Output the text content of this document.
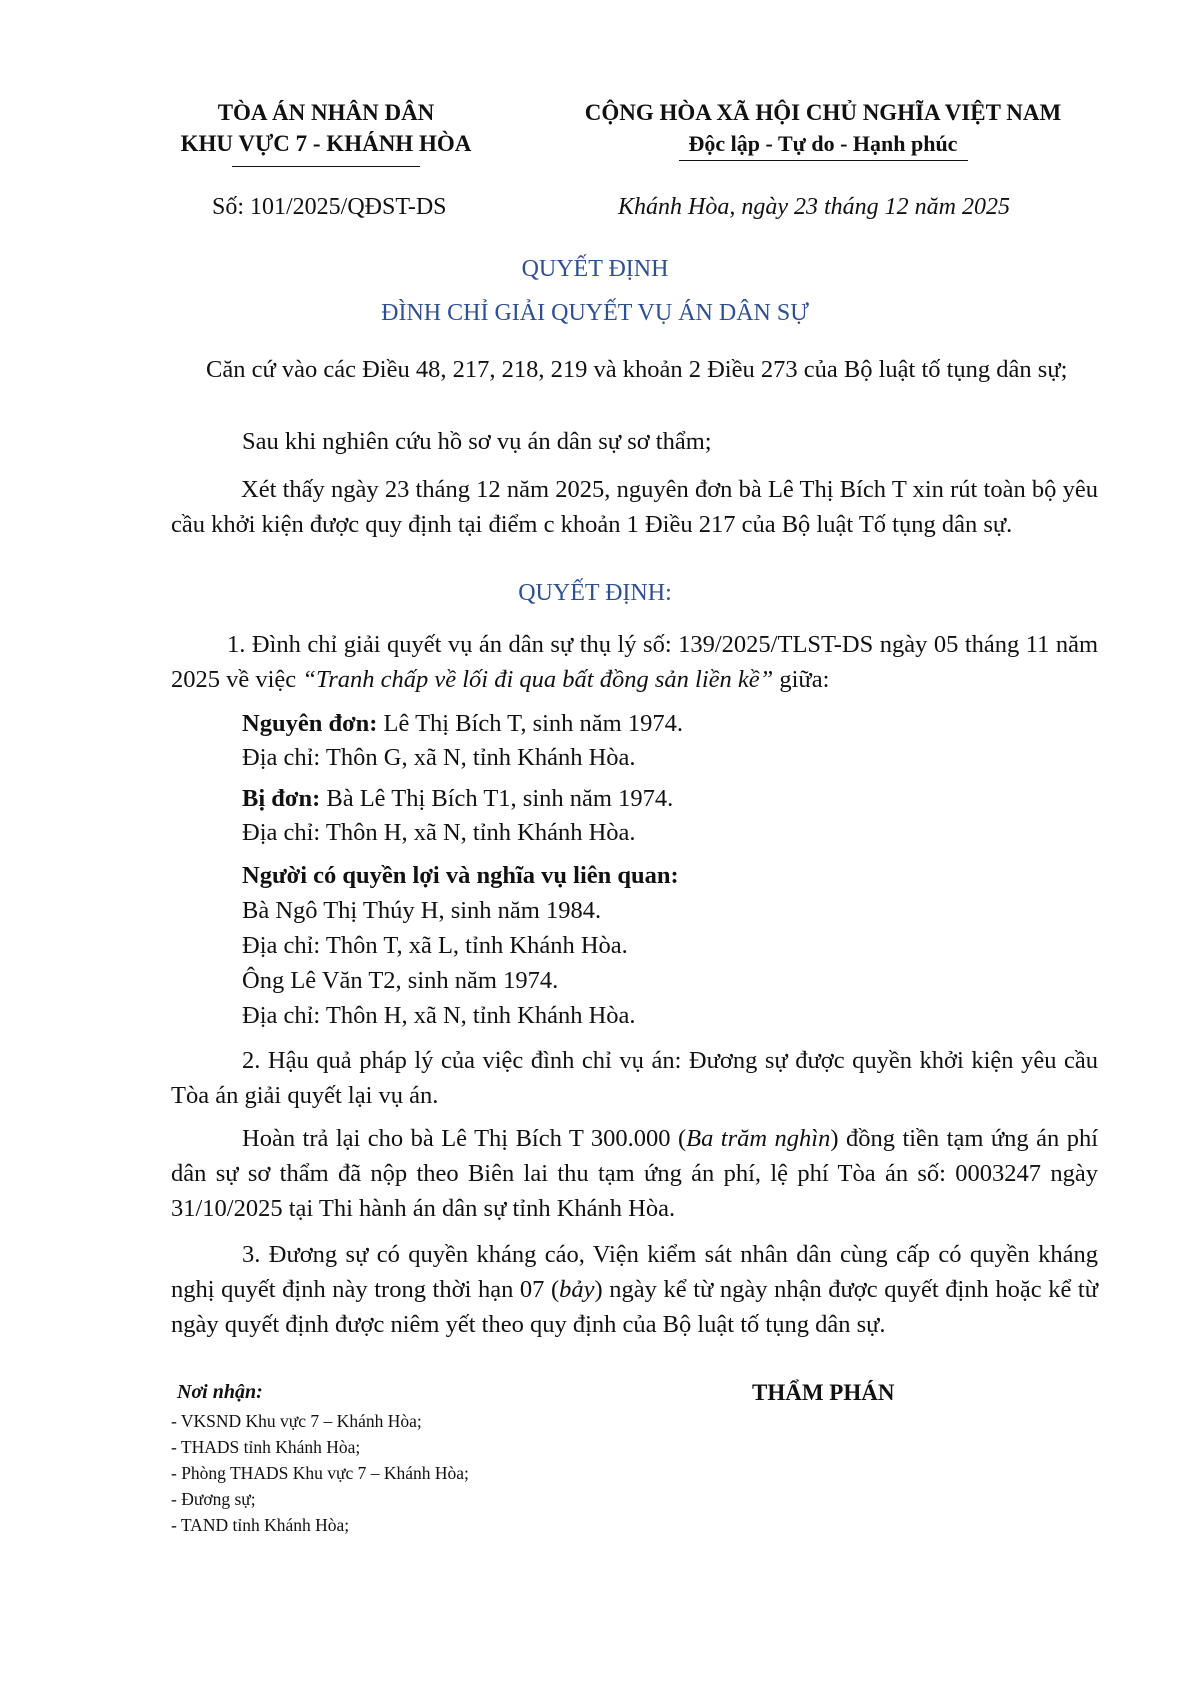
TÒA ÁN NHÂN DÂN
KHU VỰC 7 - KHÁNH HÒA
CỘNG HÒA XÃ HỘI CHỦ NGHĨA VIỆT NAM
Độc lập - Tự do - Hạnh phúc
Số: 101/2025/QĐST-DS	Khánh Hòa, ngày 23 tháng 12 năm 2025
QUYẾT ĐỊNH
ĐÌNH CHỈ GIẢI QUYẾT VỤ ÁN DÂN SỰ
Căn cứ vào các Điều 48, 217, 218, 219 và khoản 2 Điều 273 của Bộ luật tố tụng dân sự;
Sau khi nghiên cứu hồ sơ vụ án dân sự sơ thẩm;
Xét thấy ngày 23 tháng 12 năm 2025, nguyên đơn bà Lê Thị Bích T xin rút toàn bộ yêu cầu khởi kiện được quy định tại điểm c khoản 1 Điều 217 của Bộ luật Tố tụng dân sự.
QUYẾT ĐỊNH:
1. Đình chỉ giải quyết vụ án dân sự thụ lý số: 139/2025/TLST-DS ngày 05 tháng 11 năm 2025 về việc “Tranh chấp về lối đi qua bất đồng sản liền kề” giữa:
Nguyên đơn: Lê Thị Bích T, sinh năm 1974.
Địa chỉ: Thôn G, xã N, tỉnh Khánh Hòa.
Bị đơn: Bà Lê Thị Bích T1, sinh năm 1974.
Địa chỉ: Thôn H, xã N, tỉnh Khánh Hòa.
Người có quyền lợi và nghĩa vụ liên quan:
Bà Ngô Thị Thúy H, sinh năm 1984.
Địa chỉ: Thôn T, xã L, tỉnh Khánh Hòa.
Ông Lê Văn T2, sinh năm 1974.
Địa chỉ: Thôn H, xã N, tỉnh Khánh Hòa.
2. Hậu quả pháp lý của việc đình chỉ vụ án: Đương sự được quyền khởi kiện yêu cầu Tòa án giải quyết lại vụ án.
Hoàn trả lại cho bà Lê Thị Bích T 300.000 (Ba trăm nghìn) đồng tiền tạm ứng án phí dân sự sơ thẩm đã nộp theo Biên lai thu tạm ứng án phí, lệ phí Tòa án số: 0003247 ngày 31/10/2025 tại Thi hành án dân sự tỉnh Khánh Hòa.
3. Đương sự có quyền kháng cáo, Viện kiểm sát nhân dân cùng cấp có quyền kháng nghị quyết định này trong thời hạn 07 (bảy) ngày kể từ ngày nhận được quyết định hoặc kể từ ngày quyết định được niêm yết theo quy định của Bộ luật tố tụng dân sự.
Nơi nhận:
- VKSND Khu vực 7 – Khánh Hòa;
- THADS tỉnh Khánh Hòa;
- Phòng THADS Khu vực 7 – Khánh Hòa;
- Đương sự;
- TAND tỉnh Khánh Hòa;
THẨM PHÁN
